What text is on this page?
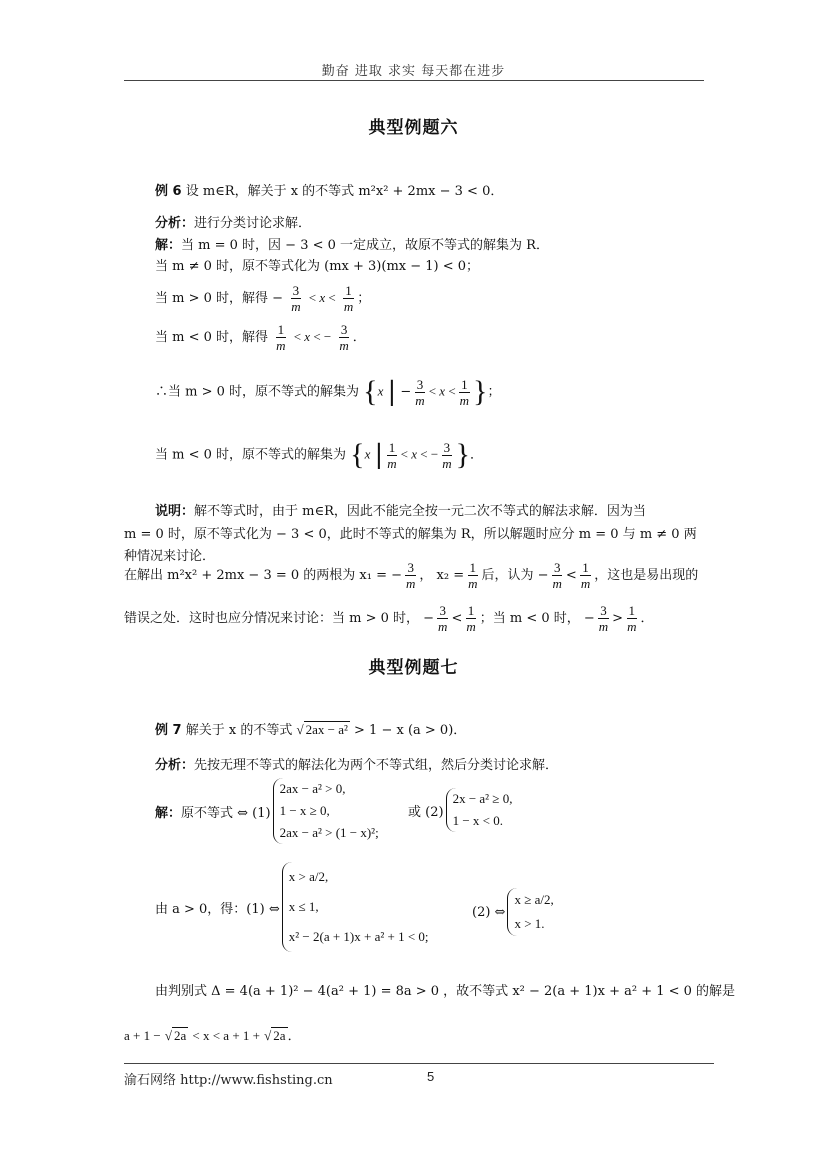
勤奋 进取 求实 每天都在进步
典型例题六
例 6 设 m∈R，解关于 x 的不等式 m²x² + 2mx − 3 < 0．
分析：进行分类讨论求解．
解：当 m = 0 时，因 − 3 < 0 一定成立，故原不等式的解集为 R．
当 m ≠ 0 时，原不等式化为 (mx + 3)(mx − 1) < 0；
当 m > 0 时，解得 − $\frac{3}{m} < x < \frac{1}{m}$ ；
当 m < 0 时，解得 $\frac{1}{m} < x$ < − $\frac{3}{m}$ ．
∴当 m > 0 时，原不等式的解集为 {x | − $\frac{3}{m} < x < \frac{1}{m}$ }；
当 m < 0 时，原不等式的解集为 {x | $\frac{1}{m} < x$ < − $\frac{3}{m}$ }．
说明：解不等式时，由于 m∈R，因此不能完全按一元二次不等式的解法求解．因为当
m = 0 时，原不等式化为 − 3 < 0，此时不等式的解集为 R，所以解题时应分 m = 0 与 m ≠ 0 两
种情况来讨论．
在解出 m²x² + 2mx − 3 = 0 的两根为 x₁ = − $\frac{3}{m}$ ， $x_2 = \frac{1}{m}$ 后，认为 − $\frac{3}{m} < \frac{1}{m}$ ，这也是易出现的
错误之处．这时也应分情况来讨论：当 m > 0 时， − $\frac{3}{m} < \frac{1}{m}$ ；当 m < 0 时， − $\frac{3}{m} > \frac{1}{m}$ ．
典型例题七
例 7 解关于 x 的不等式 √ 2ax − a² > 1 − x (a > 0)．
分析：先按无理不等式的解法化为两个不等式组，然后分类讨论求解．
解： 原不等式 ⇔ (1)
2ax − a² > 0,
1 − x ≥ 0,
2ax − a² > (1 − x)²;
或 (2)
2x − a² ≥ 0,
1 − x < 0.
由 a > 0，得：(1) ⇔
x > a/2,
x ≤ 1,
x² − 2(a + 1)x + a² + 1 < 0;
(2) ⇔
x ≥ a/2,
x > 1.
由判别式 Δ = 4(a + 1)² − 4(a² + 1) = 8a > 0 ，故不等式 x² − 2(a + 1)x + a² + 1 < 0 的解是
a + 1 − √ 2a < x < a + 1 + √ 2a ．
渝石网络 http://www.fishsting.cn	5
